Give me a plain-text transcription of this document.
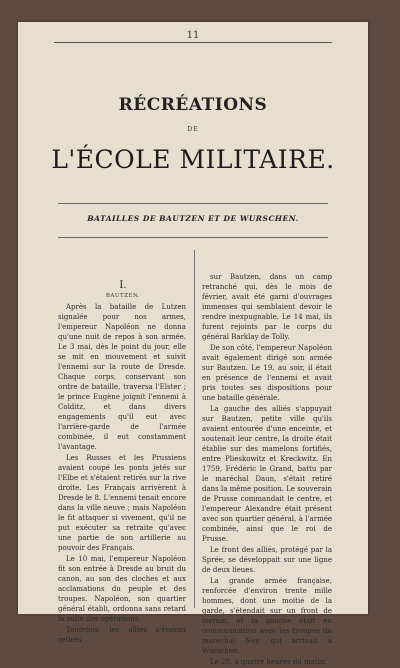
11
RÉCRÉATIONS
DE
L'ÉCOLE MILITAIRE.
BATAILLES DE BAUTZEN ET DE WURSCHEN.
I.
BAUTZEN.

Après la bataille de Lutzen signalée pour nos armes, l'empereur Napoléon ne donna qu'une nuit de repos à son armée. Le 3 mai, dès le point du jour, elle se mit en mouvement et suivit l'ennemi sur la route de Dresde. Chaque corps, conservant son ordre de bataille, traversa l'Elster ; le prince Eugène joignit l'ennemi à Colditz, et dans divers engagements qu'il eut avec l'arrière-garde de l'armée combinée, il eut constamment l'avantage.

Les Russes et les Prussiens avaient coupé les ponts jetés sur l'Elbe et s'étaient retirés sur la rive droite. Les Français arrivèrent à Dresde le 8. L'ennemi tenait encore dans la ville neuve ; mais Napoléon le fit attaquer si vivement, qu'il ne put exécuter sa retraite qu'avec une partie de son artillerie au pouvoir des Français.

Le 10 mai, l'empereur Napoléon fit son entrée à Dresde au bruit du canon, au son des cloches et aux acclamations du peuple et des troupes. Napoléon, son quartier général établi, ordonna sans retard la suite des opérations.

Toutefois, les alliés s'étaient retirés

sur Bautzen, dans un camp retranché qui, dès le mois de février, avait été garni d'ouvrages immenses qui semblaient devoir le rendre inexpugnable. Le 14 mai, ils furent rejoints par le corps du général Barklay de Tolly.

De son côté, l'empereur Napoléon avait également dirigé son armée sur Bautzen. Le 19, au soir, il était en présence de l'ennemi et avait pris toutes ses dispositions pour une bataille générale.

La gauche des alliés s'appuyait sur Bautzen, petite ville qu'ils avaient entourée d'une enceinte, et soutenait leur centre, la droite était établie sur des mamelons fortifiés, entre Plieskowitz et Kreckwitz. En 1759, Frédéric le Grand, battu par le maréchal Daun, s'était retiré dans la même position. Le souverain de Prusse commandait le centre, et l'empereur Alexandre était présent avec son quartier général, à l'armée combinée, ainsi que le roi de Prusse.

Le front des alliés, protégé par la Sprée, se développait sur une ligne de deux lieues.

La grande armée française, renforcée d'environ trente mille hommes, dont une moitié de la garde, s'étendait sur un front de terrain, et la gauche était en communication avec les troupes du maréchal Ney, qui arrivait à Wurschen.

Le 20, à quatre heures du matin,
